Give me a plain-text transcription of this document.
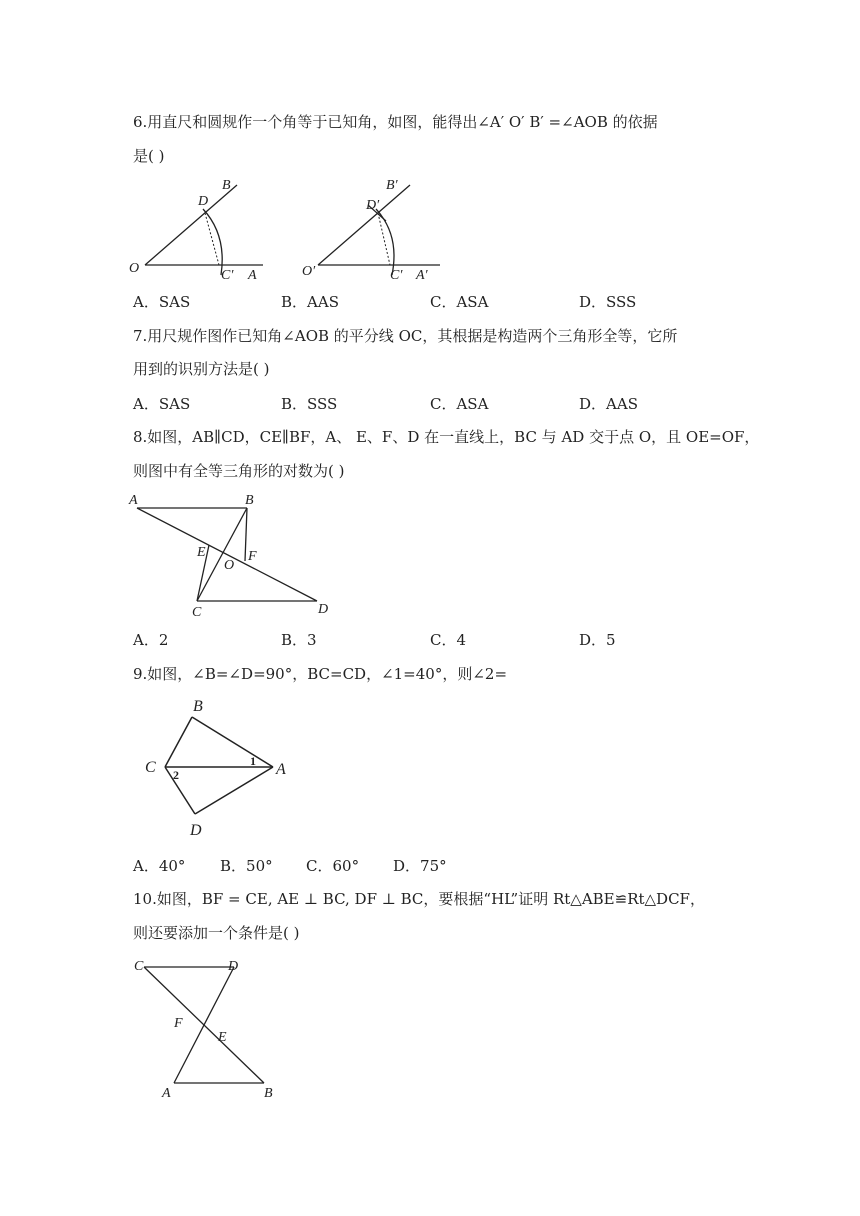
6.用直尺和圆规作一个角等于已知角，如图，能得出∠A′ O′ B′ =∠AOB 的依据
是( )
O
B
D
C′ A	O′
B′
D′
C′ A′
A．SAS	B．AAS	C．ASA	D．SSS
7.用尺规作图作已知角∠AOB 的平分线 OC，其根据是构造两个三角形全等，它所
用到的识别方法是( )
A．SAS	B．SSS	C．ASA	D．AAS
8.如图，AB∥CD，CE∥BF，A、 E、F、D 在一直线上，BC 与 AD 交于点 O，且 OE=OF，
则图中有全等三角形的对数为( )
A	B
E	F
O
C	D
A．2	B．3	C．4	D．5
9.如图，∠B=∠D=90°，BC=CD，∠1=40°，则∠2=
B
C	A
D
1
2
A．40° B．50° C．60° D．75°
10.如图，BF = CE, AE ⊥ BC, DF ⊥ BC，要根据“HL”证明 Rt△ABE≌Rt△DCF，
则还要添加一个条件是( )
C	D
F
E
A	B
